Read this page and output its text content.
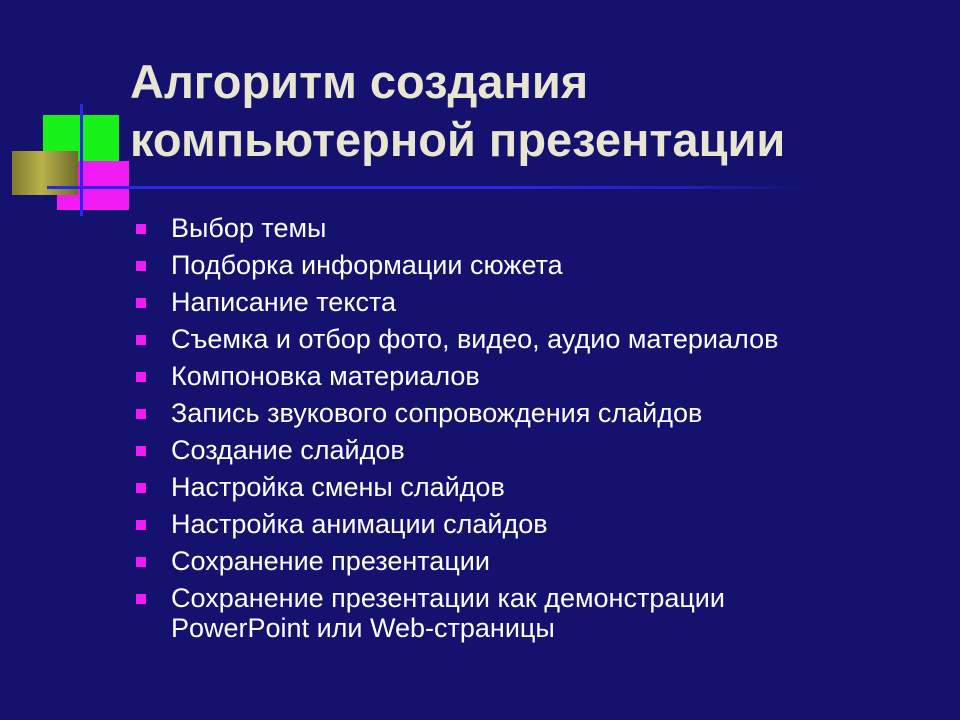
Алгоритм создания
компьютерной презентации
Выбор темы
Подборка информации сюжета
Написание текста
Съемка и отбор фото, видео, аудио материалов
Компоновка материалов
Запись звукового сопровождения слайдов
Создание слайдов
Настройка смены слайдов
Настройка анимации слайдов
Сохранение презентации
Сохранение презентации как демонстрации
PowerPoint или Web-страницы
